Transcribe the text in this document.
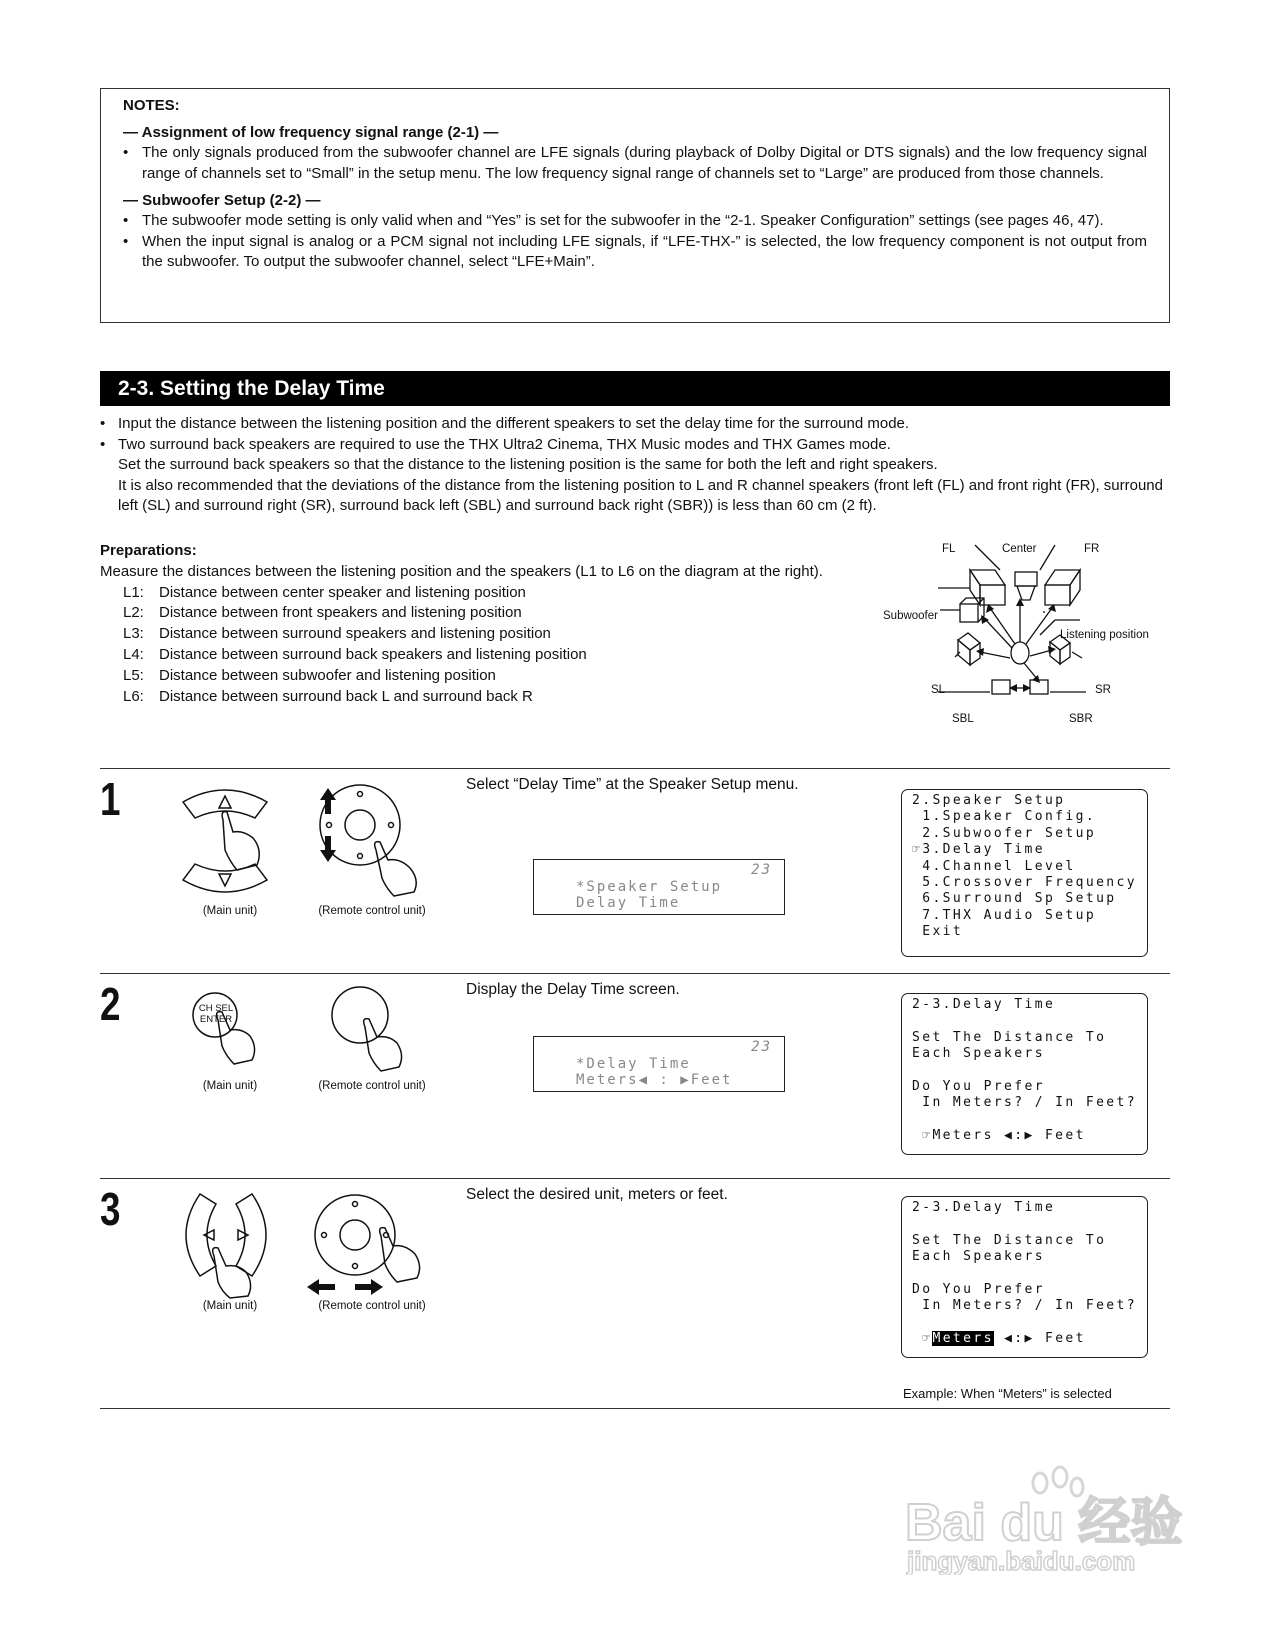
NOTES:
— Assignment of low frequency signal range (2-1) —
• The only signals produced from the subwoofer channel are LFE signals (during playback of Dolby Digital or DTS signals) and the low frequency signal range of channels set to “Small” in the setup menu. The low frequency signal range of channels set to “Large” are produced from those channels.
— Subwoofer Setup (2-2) —
• The subwoofer mode setting is only valid when and “Yes” is set for the subwoofer in the “2-1. Speaker Configuration” settings (see pages 46, 47).
• When the input signal is analog or a PCM signal not including LFE signals, if “LFE-THX-” is selected, the low frequency component is not output from the subwoofer. To output the subwoofer channel, select “LFE+Main”.
2-3. Setting the Delay Time
• Input the distance between the listening position and the different speakers to set the delay time for the surround mode.
• Two surround back speakers are required to use the THX Ultra2 Cinema, THX Music modes and THX Games mode.
Set the surround back speakers so that the distance to the listening position is the same for both the left and right speakers.
It is also recommended that the deviations of the distance from the listening position to L and R channel speakers (front left (FL) and front right (FR), surround left (SL) and surround right (SR), surround back left (SBL) and surround back right (SBR)) is less than 60 cm (2 ft).
Preparations:
Measure the distances between the listening position and the speakers (L1 to L6 on the diagram at the right).
L1:	Distance between center speaker and listening position
L2:	Distance between front speakers and listening position
L3:	Distance between surround speakers and listening position
L4:	Distance between surround back speakers and listening position
L5:	Distance between subwoofer and listening position
L6:	Distance between surround back L and surround back R
FL	Center	FR
Subwoofer
Listening position
SL	SR
SBL	SBR
1
(Main unit)	(Remote control unit)
Select “Delay Time” at the Speaker Setup menu.
23
*Speaker Setup
Delay Time
2.Speaker Setup
1.Speaker Config.
2.Subwoofer Setup
☞3.Delay Time
4.Channel Level
5.Crossover Frequency
6.Surround Sp Setup
7.THX Audio Setup
Exit
2	CH SEL ENTER
(Main unit)	(Remote control unit)
Display the Delay Time screen.
23
*Delay Time
Meters◀ : ▶Feet
2-3.Delay Time

Set The Distance To
Each Speakers

Do You Prefer
In Meters? / In Feet?

☞Meters ◀:▶ Feet
3
(Main unit)	(Remote control unit)
Select the desired unit, meters or feet.
2-3.Delay Time

Set The Distance To
Each Speakers

Do You Prefer
In Meters? / In Feet?

☞Meters ◀:▶ Feet
Example: When “Meters” is selected
Bai du 经验
jingyan.baidu.com
